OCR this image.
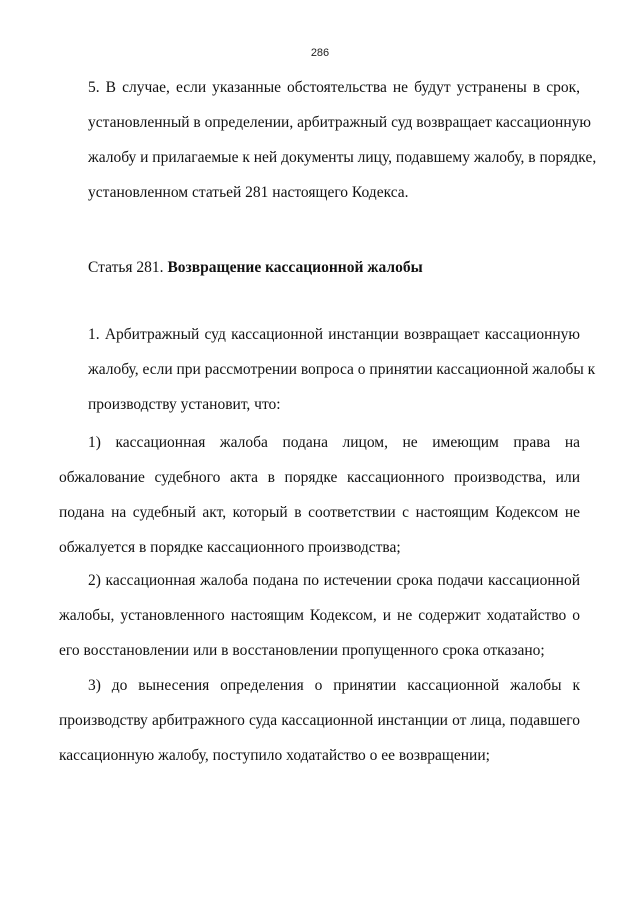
286
5. В случае, если указанные обстоятельства не будут устранены в срок,
установленный в определении, арбитражный суд возвращает кассационную
жалобу и прилагаемые к ней документы лицу, подавшему жалобу, в порядке,
установленном статьей 281 настоящего Кодекса.
Статья 281. Возвращение кассационной жалобы
1. Арбитражный суд кассационной инстанции возвращает кассационную
жалобу, если при рассмотрении вопроса о принятии кассационной жалобы к
производству установит, что:
1) кассационная жалоба подана лицом, не имеющим права на
обжалование судебного акта в порядке кассационного производства, или
подана на судебный акт, который в соответствии с настоящим Кодексом не
обжалуется в порядке кассационного производства;
2) кассационная жалоба подана по истечении срока подачи кассационной
жалобы, установленного настоящим Кодексом, и не содержит ходатайство о
его восстановлении или в восстановлении пропущенного срока отказано;
3) до вынесения определения о принятии кассационной жалобы к
производству арбитражного суда кассационной инстанции от лица, подавшего
кассационную жалобу, поступило ходатайство о ее возвращении;
